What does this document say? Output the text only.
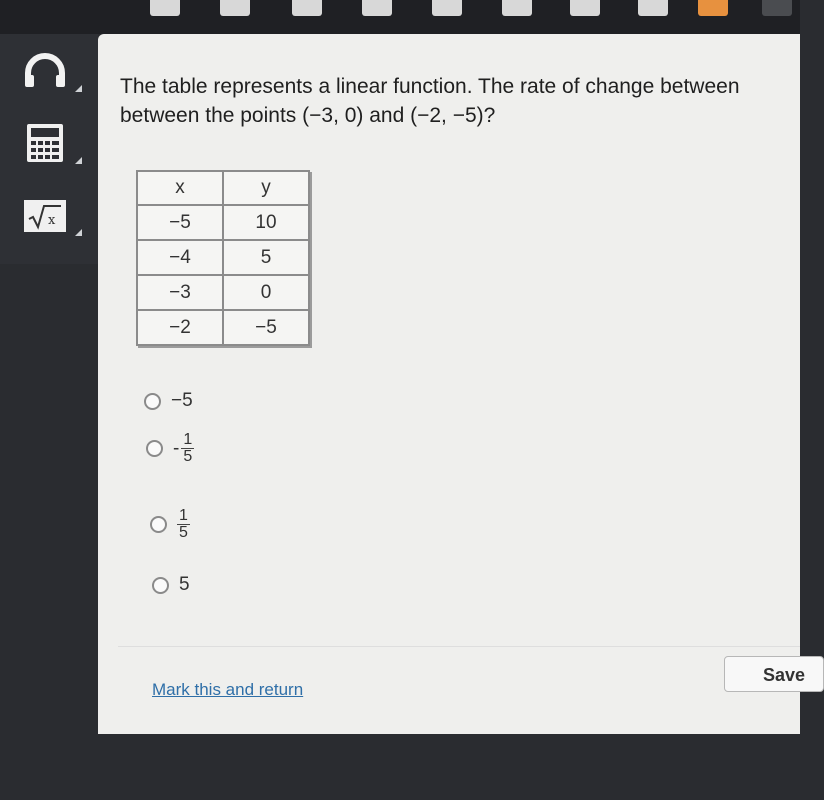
x
The table represents a linear function. The rate of change between
between the points (−3, 0) and (−2, −5)?
x	y
−5	10
−4	5
−3	0
−2	−5
−5
- $\frac{1}{5}$
$\frac{1}{5}$
5
Mark this and return
Save
